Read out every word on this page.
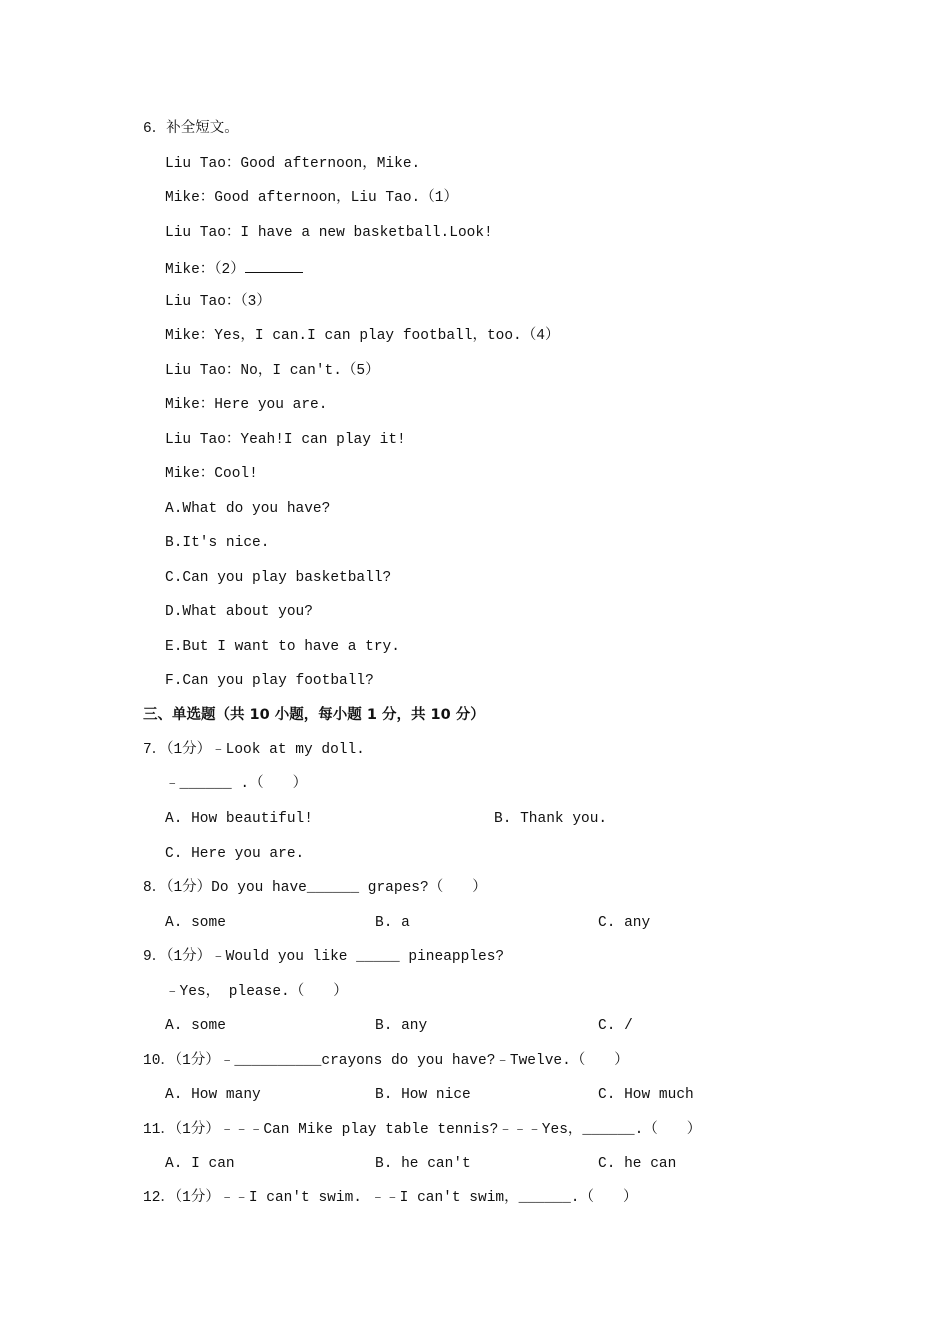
6．补全短文。
Liu Tao：Good afternoon，Mike.
Mike：Good afternoon，Liu Tao.（1）
Liu Tao：I have a new basketball.Look!
Mike：（2）
Liu Tao：（3）
Mike：Yes，I can.I can play football，too.（4）
Liu Tao：No，I can't.（5）
Mike：Here you are.
Liu Tao：Yeah!I can play it!
Mike：Cool!
A.What do you have?
B.It's nice.
C.Can you play basketball?
D.What about you?
E.But I want to have a try.
F.Can you play football?
三、单选题（共 10 小题，每小题 1 分，共 10 分）
7．（1分）﹣Look at my doll.
﹣______ .（　　）
A. How beautiful!	B. Thank you.
C. Here you are.
8．（1分）Do you have______ grapes?（　　）
A. some	B. a	C. any
9．（1分）﹣Would you like _____ pineapples?
﹣Yes， please.（　　）
A. some	B. any	C. /
10．（1分）﹣__________crayons do you have?﹣Twelve.（　　）
A. How many	B. How nice	C. How much
11．（1分）﹣﹣﹣Can Mike play table tennis?﹣﹣﹣Yes，______.（　　）
A. I can	B. he can't	C. he can
12．（1分）﹣﹣I can't swim. ﹣﹣I can't swim，______.（　　）
